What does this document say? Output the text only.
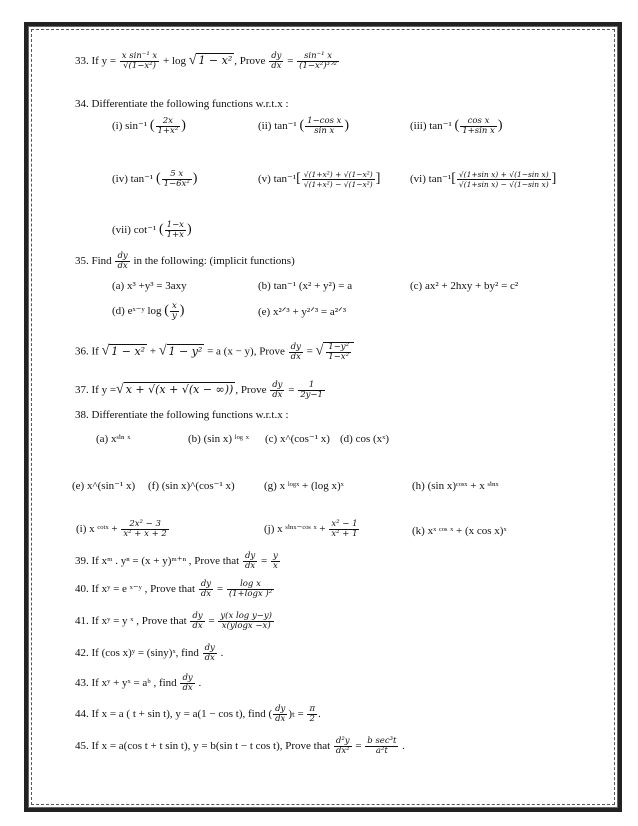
33. If $y = \frac{\text{x sin⁻¹ x}}{\text{√(1−x²)}} + \log$ √ 1 − x² , Prove $\frac{dy}{dx}$ =	sin⁻¹ x
(1−x²)³ᐟ²
34. Differentiate the following functions w.r.t.x :
(i) sin⁻¹ ( $\frac{2x}{\text{1+x²}}$ )	(ii) tan⁻¹ ( $\frac{\text{1−cos x}}{\text{sin x}}$ )	(iii) tan⁻¹ ( $\frac{\text{cos x}}{\text{1+sin x}}$ )
(iv) tan⁻¹ ( $\frac{5 x}{\text{1−6x²}}$ )	(v) $\tan^{-1}[ \frac{\text{√(1+x²) + √(1−x²)}}{\text{√(1+x²) − √(1−x²)}}$ ]	(vi) $\tan^{-1}[ \frac{\text{√(1+sin x) + √(1−sin x)}}{\text{√(1+sin x) − √(1−sin x)}}$ ]
(vii) cot⁻¹ ( $\frac{1-x}{1+x}$ )
35. Find $\frac{dy}{dx}$ in the following: (implicit functions)
(a) x³ +y³ = 3axy	(b) tan⁻¹ (x² + y²) = a	(c) ax² + 2hxy + by² = c²
(d) eˣ⁻ʸ log ( $\frac{x}{y}$ )	(e) x²ᐟ³ + y²ᐟ³ = a²ᐟ³
36. If √ 1 − x² + √ 1 − y² = a (x − y), Prove $\frac{dy}{dx}$ = √ $\frac{\text{1−y²}}{\text{1−x²}}$
37. If y =√ x + √(x + √(x − ∞)) , Prove $\frac{dy}{dx} = \frac{1}{2y-1}$
38. Differentiate the following functions w.r.t.x :
(a) xˢⁱⁿ ˣ	(b) (sin x) ˡᵒᵍ ˣ (c) x^(cos⁻¹ x) (d) cos (xˣ)
(e) x^(sin⁻¹ x) (f) (sin x)^(cos⁻¹ x)	(g) x ˡᵒᵍˣ + (log x)ˣ	(h) (sin x)ᶜᵒˢˣ + x ˢⁱⁿˣ
(i) x ᶜᵒᵗˣ + $\frac{\text{2x² − 3}}{\text{x² + x + 2}}$	(j) x ˢⁱⁿˣ⁻ᶜᵒˢ ˣ + $\frac{\text{x² − 1}}{\text{x² + 1}}$	(k) xˣ ᶜᵒˢ ˣ + (x cos x)ˣ
39. If xᵐ . yⁿ = (x + y)ᵐ⁺ⁿ , Prove that $\frac{dy}{dx} = \frac{y}{x}$
40. If xʸ = e ˣ⁻ʸ , Prove that $\frac{dy}{dx} = \frac{\text{log x}}{\text{(1+logx )²}}$
41. If xʸ = y ˣ , Prove that $\frac{dy}{dx} = \frac{\text{y(x log y−y)}}{x(ylogx -x)}$
42. If (cos x)ʸ = (siny)ˣ, find $\frac{dy}{dx}$ .
43. If xʸ + yˣ = aᵇ , find $\frac{dy}{dx}$ .
44. If x = a ( t + sin t), y = a(1 − cos t), find ( $\frac{dy}{dx} )_t = \frac{\pi}{2}$ .
45. If x = a(cos t + t sin t), y = b(sin t − t cos t), Prove that $\frac{\text{d²y}}{\text{dx²}} = b$ sec³t
a²t	.
